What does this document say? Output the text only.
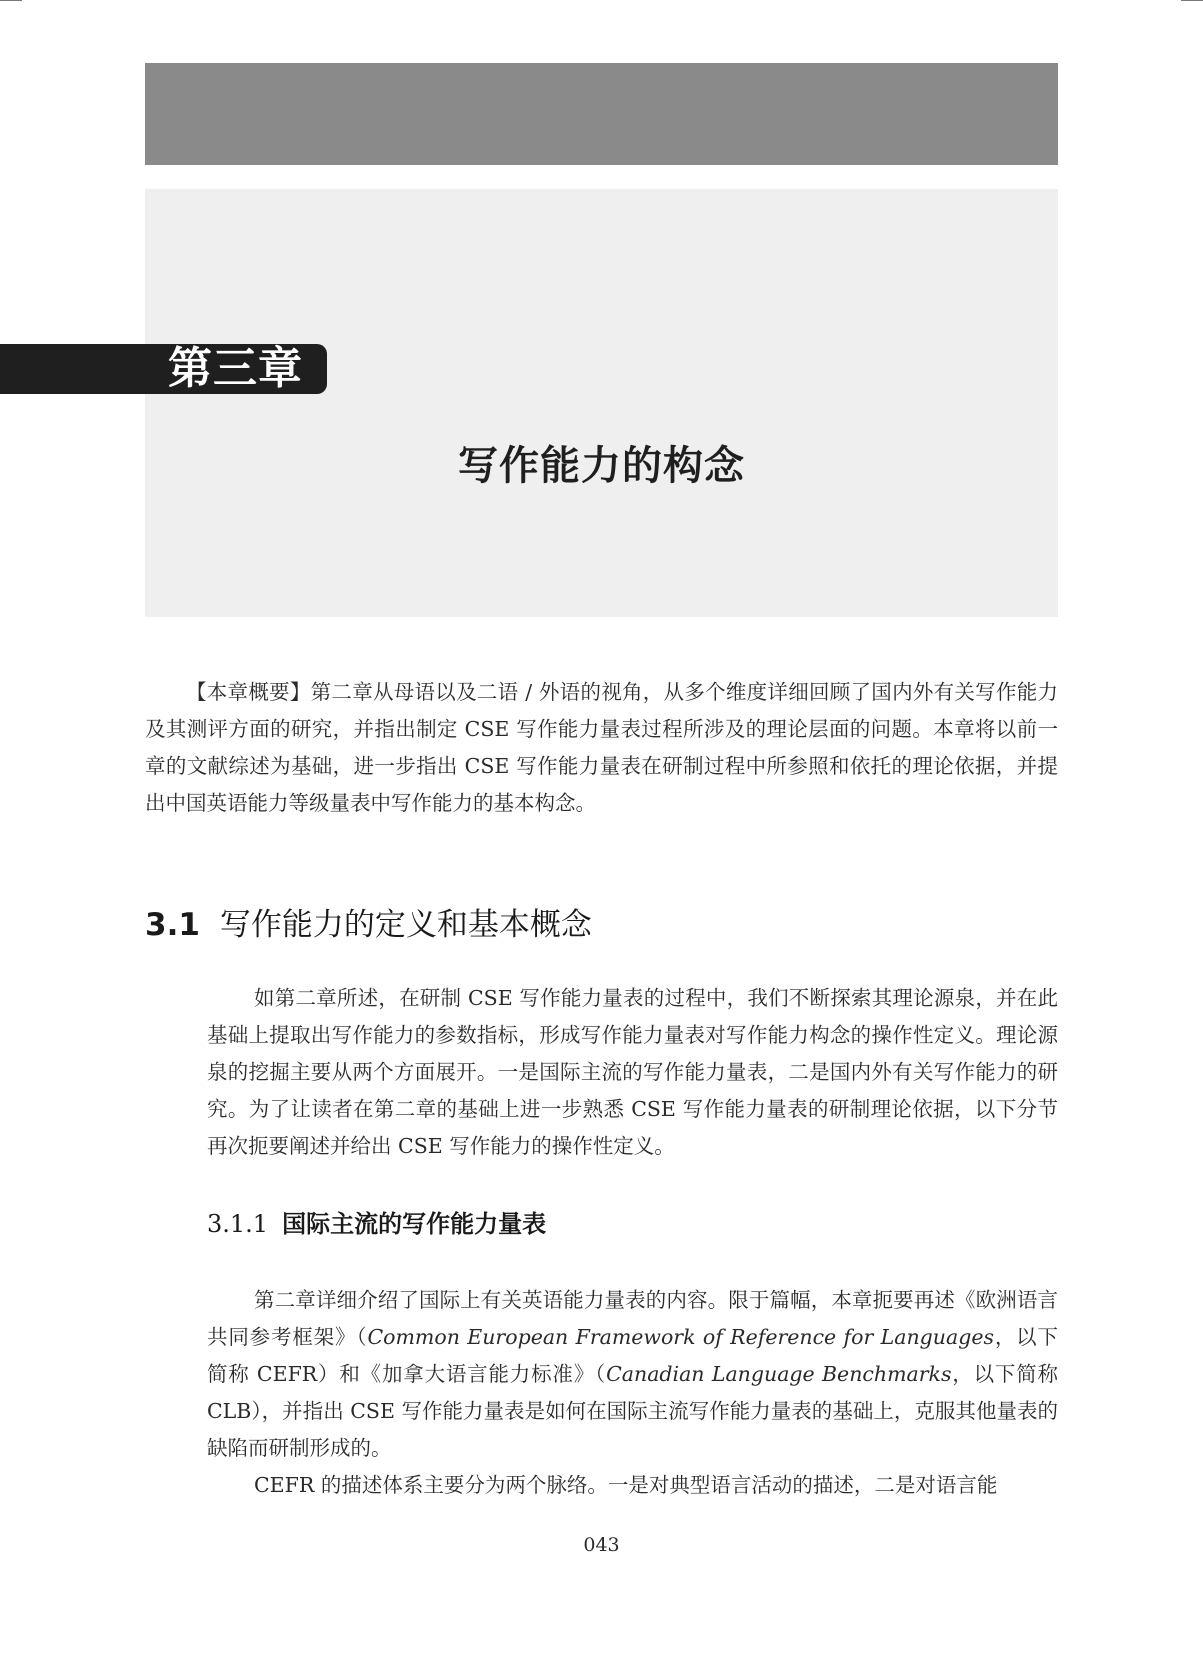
第三章
写作能力的构念

【本章概要】第二章从母语以及二语 / 外语的视角，从多个维度详细回顾了国内外有关写作能力及其测评方面的研究，并指出制定 CSE 写作能力量表过程所涉及的理论层面的问题。本章将以前一章的文献综述为基础，进一步指出 CSE 写作能力量表在研制过程中所参照和依托的理论依据，并提出中国英语能力等级量表中写作能力的基本构念。

3.1 写作能力的定义和基本概念

如第二章所述，在研制 CSE 写作能力量表的过程中，我们不断探索其理论源泉，并在此基础上提取出写作能力的参数指标，形成写作能力量表对写作能力构念的操作性定义。理论源泉的挖掘主要从两个方面展开。一是国际主流的写作能力量表，二是国内外有关写作能力的研究。为了让读者在第二章的基础上进一步熟悉 CSE 写作能力量表的研制理论依据，以下分节再次扼要阐述并给出 CSE 写作能力的操作性定义。

3.1.1 国际主流的写作能力量表

第二章详细介绍了国际上有关英语能力量表的内容。限于篇幅，本章扼要再述《欧洲语言共同参考框架》（Common European Framework of Reference for Languages，以下简称 CEFR）和《加拿大语言能力标准》（Canadian Language Benchmarks，以下简称 CLB），并指出 CSE 写作能力量表是如何在国际主流写作能力量表的基础上，克服其他量表的缺陷而研制形成的。

CEFR 的描述体系主要分为两个脉络。一是对典型语言活动的描述，二是对语言能

043
